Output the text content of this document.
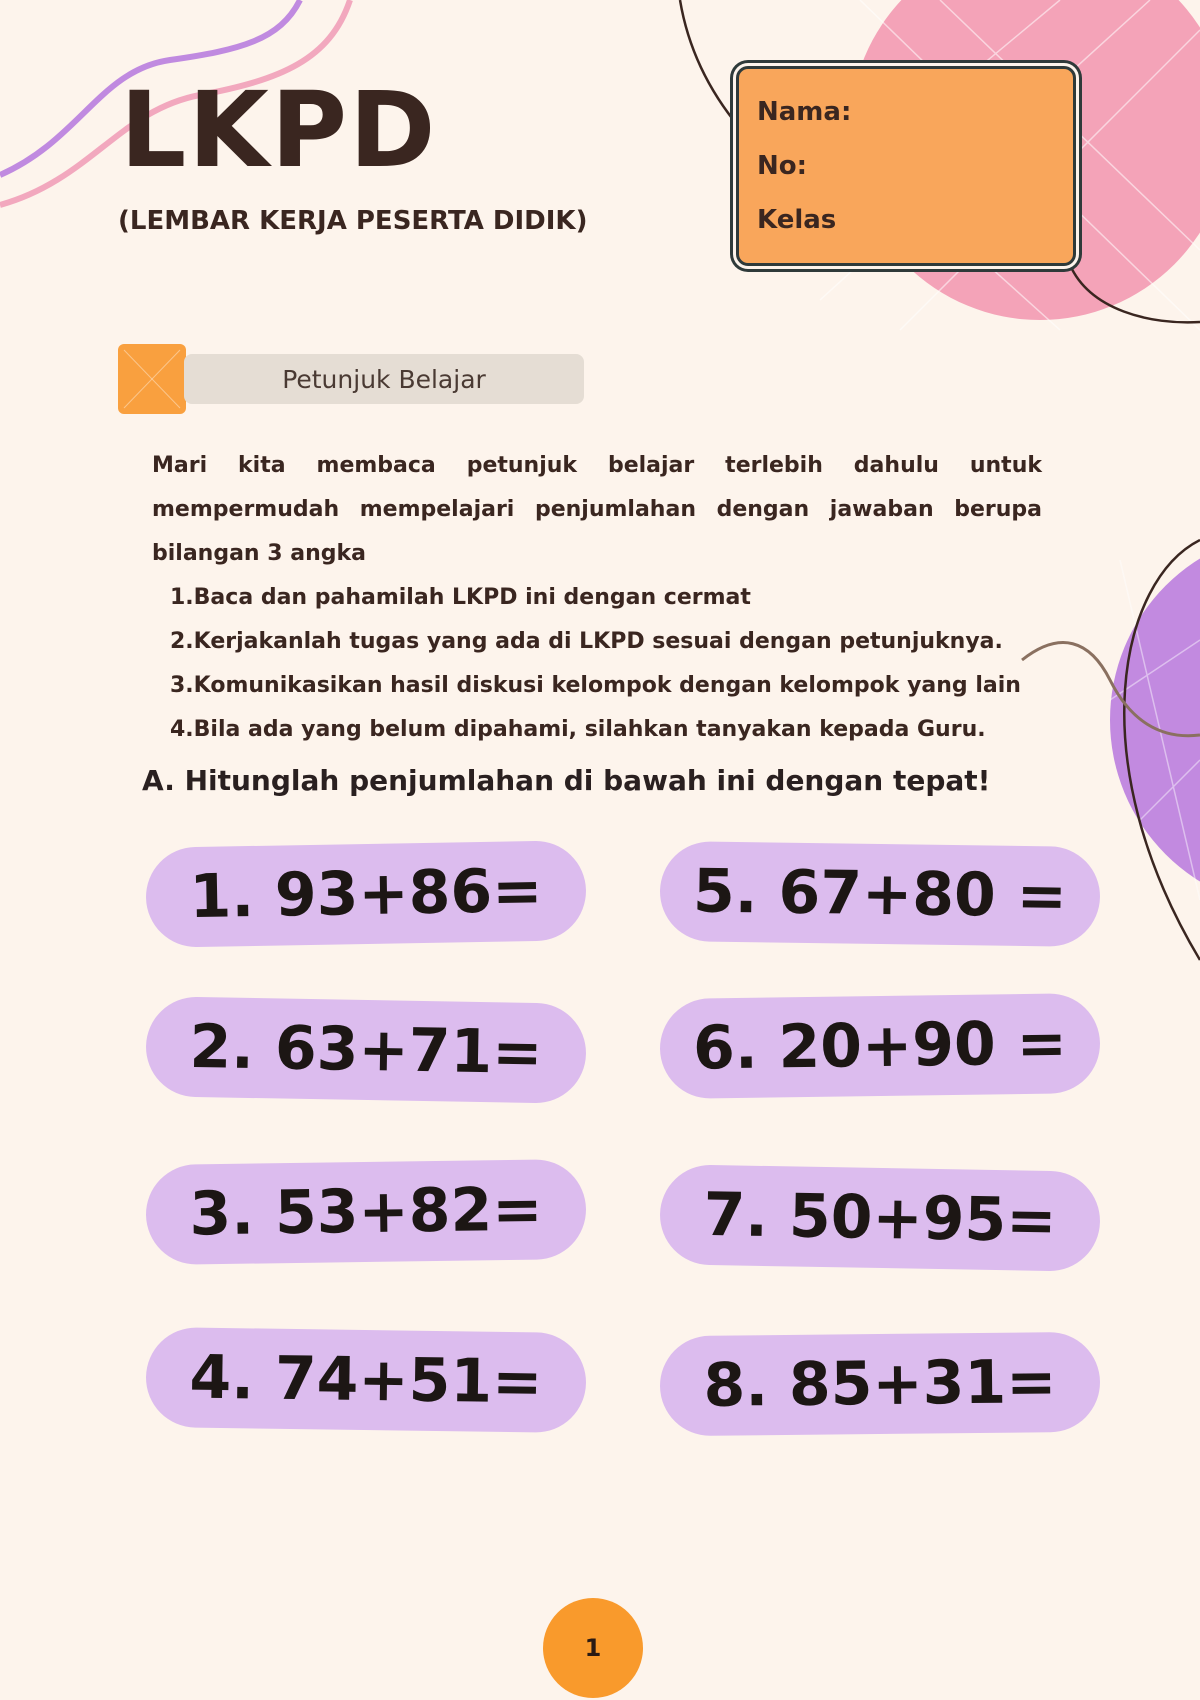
LKPD

(LEMBAR KERJA PESERTA DIDIK)

Nama:
No:
Kelas
Petunjuk Belajar

Mari kita membaca petunjuk belajar terlebih dahulu untuk mempermudah mempelajari penjumlahan dengan jawaban berupa bilangan 3 angka

1.Baca dan pahamilah LKPD ini dengan cermat
2.Kerjakanlah tugas yang ada di LKPD sesuai dengan petunjuknya.
3.Komunikasikan hasil diskusi kelompok dengan kelompok yang lain
4.Bila ada yang belum dipahami, silahkan tanyakan kepada Guru.

A. Hitunglah penjumlahan di bawah ini dengan tepat!

1. 93+86=
2. 63+71=
3. 53+82=
4. 74+51=
5. 67+80 =
6. 20+90 =
7. 50+95=
8. 85+31=
1
